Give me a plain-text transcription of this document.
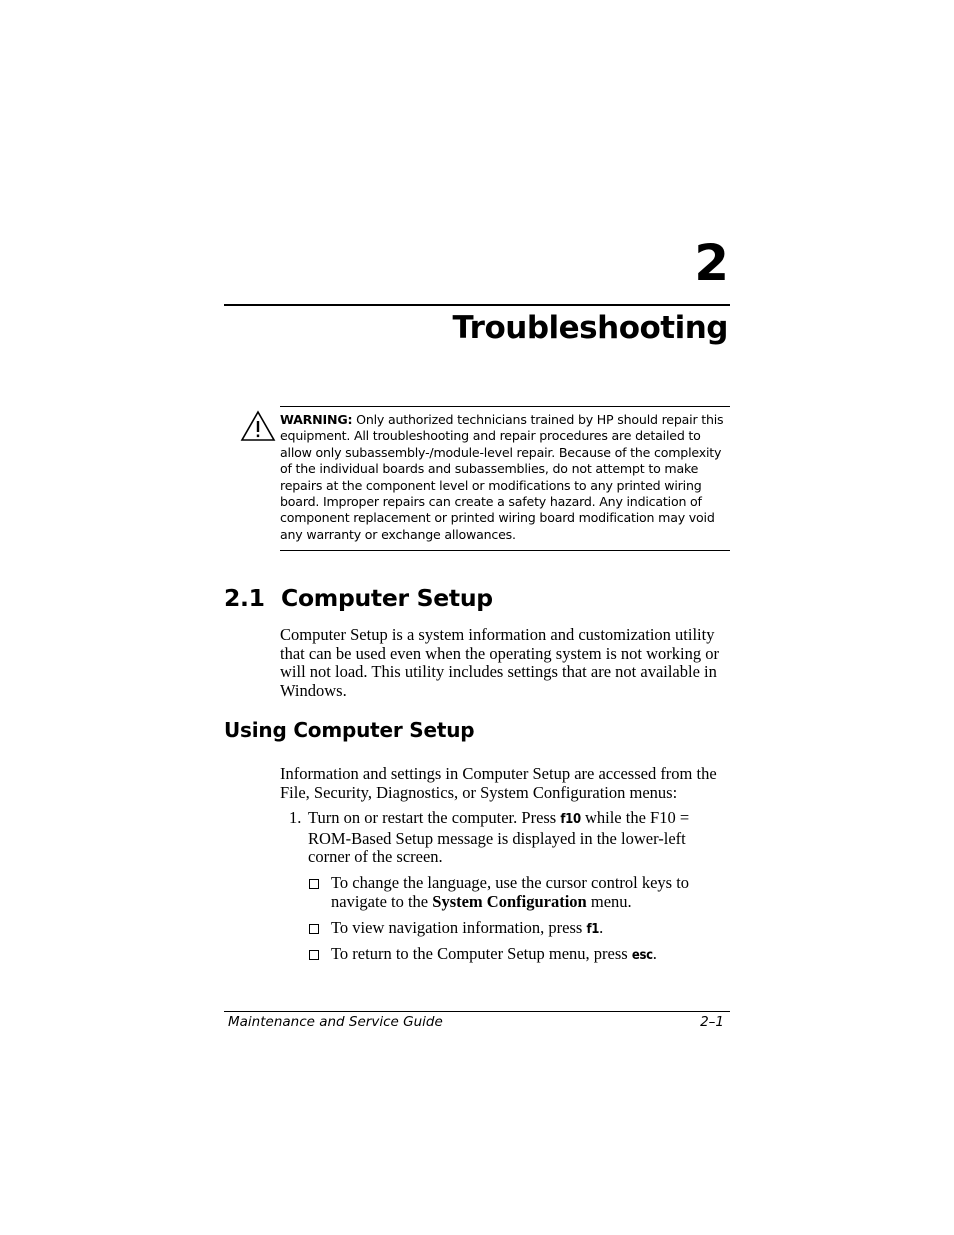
2
Troubleshooting
WARNING: Only authorized technicians trained by HP should repair this equipment. All troubleshooting and repair procedures are detailed to allow only subassembly-/module-level repair. Because of the complexity of the individual boards and subassemblies, do not attempt to make repairs at the component level or modifications to any printed wiring board. Improper repairs can create a safety hazard. Any indication of component replacement or printed wiring board modification may void any warranty or exchange allowances.
2.1 Computer Setup
Computer Setup is a system information and customization utility that can be used even when the operating system is not working or will not load. This utility includes settings that are not available in Windows.
Using Computer Setup
Information and settings in Computer Setup are accessed from the File, Security, Diagnostics, or System Configuration menus:
1. Turn on or restart the computer. Press f10 while the F10 = ROM-Based Setup message is displayed in the lower-left corner of the screen.
To change the language, use the cursor control keys to navigate to the System Configuration menu.
To view navigation information, press f1.
To return to the Computer Setup menu, press esc.
Maintenance and Service Guide	2–1
